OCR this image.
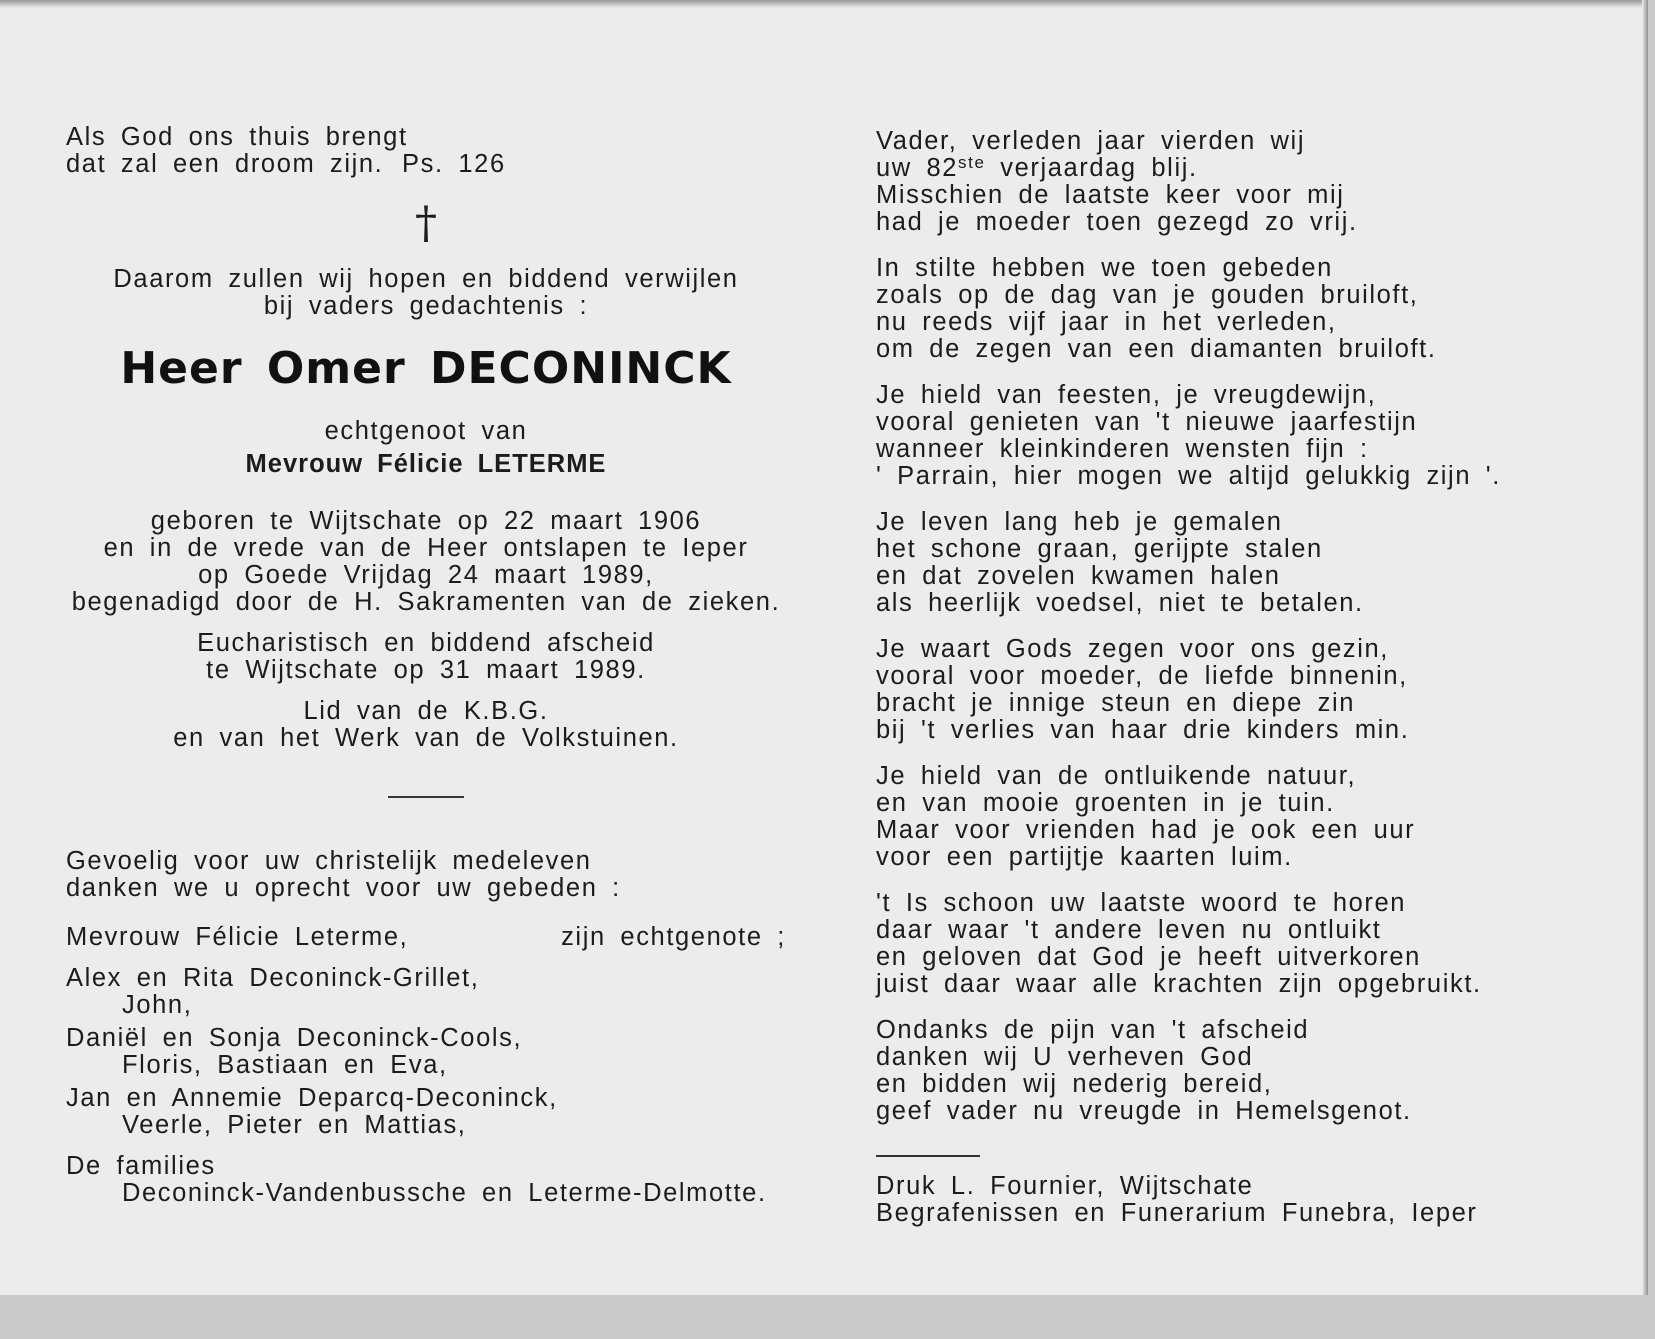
Als God ons thuis brengt
dat zal een droom zijn. Ps. 126
†
Daarom zullen wij hopen en biddend verwijlen
bij vaders gedachtenis :
Heer Omer DECONINCK
echtgenoot van
Mevrouw Félicie LETERME
geboren te Wijtschate op 22 maart 1906
en in de vrede van de Heer ontslapen te Ieper
op Goede Vrijdag 24 maart 1989,
begenadigd door de H. Sakramenten van de zieken.
Eucharistisch en biddend afscheid
te Wijtschate op 31 maart 1989.
Lid van de K.B.G.
en van het Werk van de Volkstuinen.
Gevoelig voor uw christelijk medeleven
danken we u oprecht voor uw gebeden :
Mevrouw Félicie Leterme,	zijn echtgenote ;
Alex en Rita Deconinck-Grillet,
John,
Daniël en Sonja Deconinck-Cools,
Floris, Bastiaan en Eva,
Jan en Annemie Deparcq-Deconinck,
Veerle, Pieter en Mattias,
De families
Deconinck-Vandenbussche en Leterme-Delmotte.
Vader, verleden jaar vierden wij
uw 82ste verjaardag blij.
Misschien de laatste keer voor mij
had je moeder toen gezegd zo vrij.
In stilte hebben we toen gebeden
zoals op de dag van je gouden bruiloft,
nu reeds vijf jaar in het verleden,
om de zegen van een diamanten bruiloft.
Je hield van feesten, je vreugdewijn,
vooral genieten van 't nieuwe jaarfestijn
wanneer kleinkinderen wensten fijn :
' Parrain, hier mogen we altijd gelukkig zijn '.
Je leven lang heb je gemalen
het schone graan, gerijpte stalen
en dat zovelen kwamen halen
als heerlijk voedsel, niet te betalen.
Je waart Gods zegen voor ons gezin,
vooral voor moeder, de liefde binnenin,
bracht je innige steun en diepe zin
bij 't verlies van haar drie kinders min.
Je hield van de ontluikende natuur,
en van mooie groenten in je tuin.
Maar voor vrienden had je ook een uur
voor een partijtje kaarten luim.
't Is schoon uw laatste woord te horen
daar waar 't andere leven nu ontluikt
en geloven dat God je heeft uitverkoren
juist daar waar alle krachten zijn opgebruikt.
Ondanks de pijn van 't afscheid
danken wij U verheven God
en bidden wij nederig bereid,
geef vader nu vreugde in Hemelsgenot.
Druk L. Fournier, Wijtschate
Begrafenissen en Funerarium Funebra, Ieper
